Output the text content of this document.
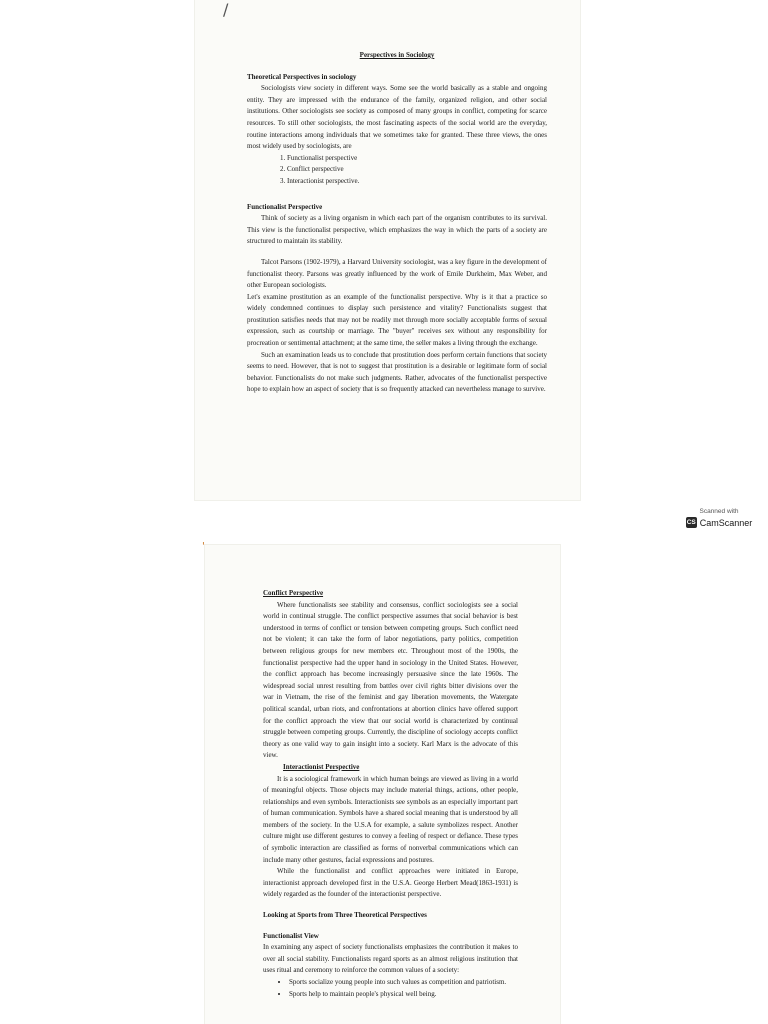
/
Perspectives in Sociology
Theoretical Perspectives in sociology

Sociologists view society in different ways. Some see the world basically as a stable and ongoing entity. They are impressed with the endurance of the family, organized religion, and other social institutions. Other sociologists see society as composed of many groups in conflict, competing for scarce resources. To still other sociologists, the most fascinating aspects of the social world are the everyday, routine interactions among individuals that we sometimes take for granted. These three views, the ones most widely used by sociologists, are

1. Functionalist perspective
2. Conflict perspective
3. Interactionist perspective.
Functionalist Perspective

Think of society as a living organism in which each part of the organism contributes to its survival. This view is the functionalist perspective, which emphasizes the way in which the parts of a society are structured to maintain its stability.

Talcot Parsons (1902-1979), a Harvard University sociologist, was a key figure in the development of functionalist theory. Parsons was greatly influenced by the work of Emile Durkheim, Max Weber, and other European sociologists.

Let's examine prostitution as an example of the functionalist perspective. Why is it that a practice so widely condemned continues to display such persistence and vitality? Functionalists suggest that prostitution satisfies needs that may not be readily met through more socially acceptable forms of sexual expression, such as courtship or marriage. The "buyer" receives sex without any responsibility for procreation or sentimental attachment; at the same time, the seller makes a living through the exchange.

Such an examination leads us to conclude that prostitution does perform certain functions that society seems to need. However, that is not to suggest that prostitution is a desirable or legitimate form of social behavior. Functionalists do not make such judgments. Rather, advocates of the functionalist perspective hope to explain how an aspect of society that is so frequently attacked can nevertheless manage to survive.

'
Conflict Perspective

Where functionalists see stability and consensus, conflict sociologists see a social world in continual struggle. The conflict perspective assumes that social behavior is best understood in terms of conflict or tension between competing groups. Such conflict need not be violent; it can take the form of labor negotiations, party politics, competition between religious groups for new members etc. Throughout most of the 1900s, the functionalist perspective had the upper hand in sociology in the United States. However, the conflict approach has become increasingly persuasive since the late 1960s. The widespread social unrest resulting from battles over civil rights bitter divisions over the war in Vietnam, the rise of the feminist and gay liberation movements, the Watergate political scandal, urban riots, and confrontations at abortion clinics have offered support for the conflict approach the view that our social world is characterized by continual struggle between competing groups. Currently, the discipline of sociology accepts conflict theory as one valid way to gain insight into a society. Karl Marx is the advocate of this view.

Interactionist Perspective

It is a sociological framework in which human beings are viewed as living in a world of meaningful objects. Those objects may include material things, actions, other people, relationships and even symbols. Interactionists see symbols as an especially important part of human communication. Symbols have a shared social meaning that is understood by all members of the society. In the U.S.A for example, a salute symbolizes respect. Another culture might use different gestures to convey a feeling of respect or defiance. These types of symbolic interaction are classified as forms of nonverbal communications which can include many other gestures, facial expressions and postures.

While the functionalist and conflict approaches were initiated in Europe, interactionist approach developed first in the U.S.A. George Herbert Mead(1863-1931) is widely regarded as the founder of the interactionist perspective.

Looking at Sports from Three Theoretical Perspectives
Functionalist View

In examining any aspect of society functionalists emphasizes the contribution it makes to over all social stability. Functionalists regard sports as an almost religious institution that uses ritual and ceremony to reinforce the common values of a society:

• Sports socialize young people into such values as competition and patriotism.
• Sports help to maintain people's physical well being.
Scanned with
CS CamScanner
